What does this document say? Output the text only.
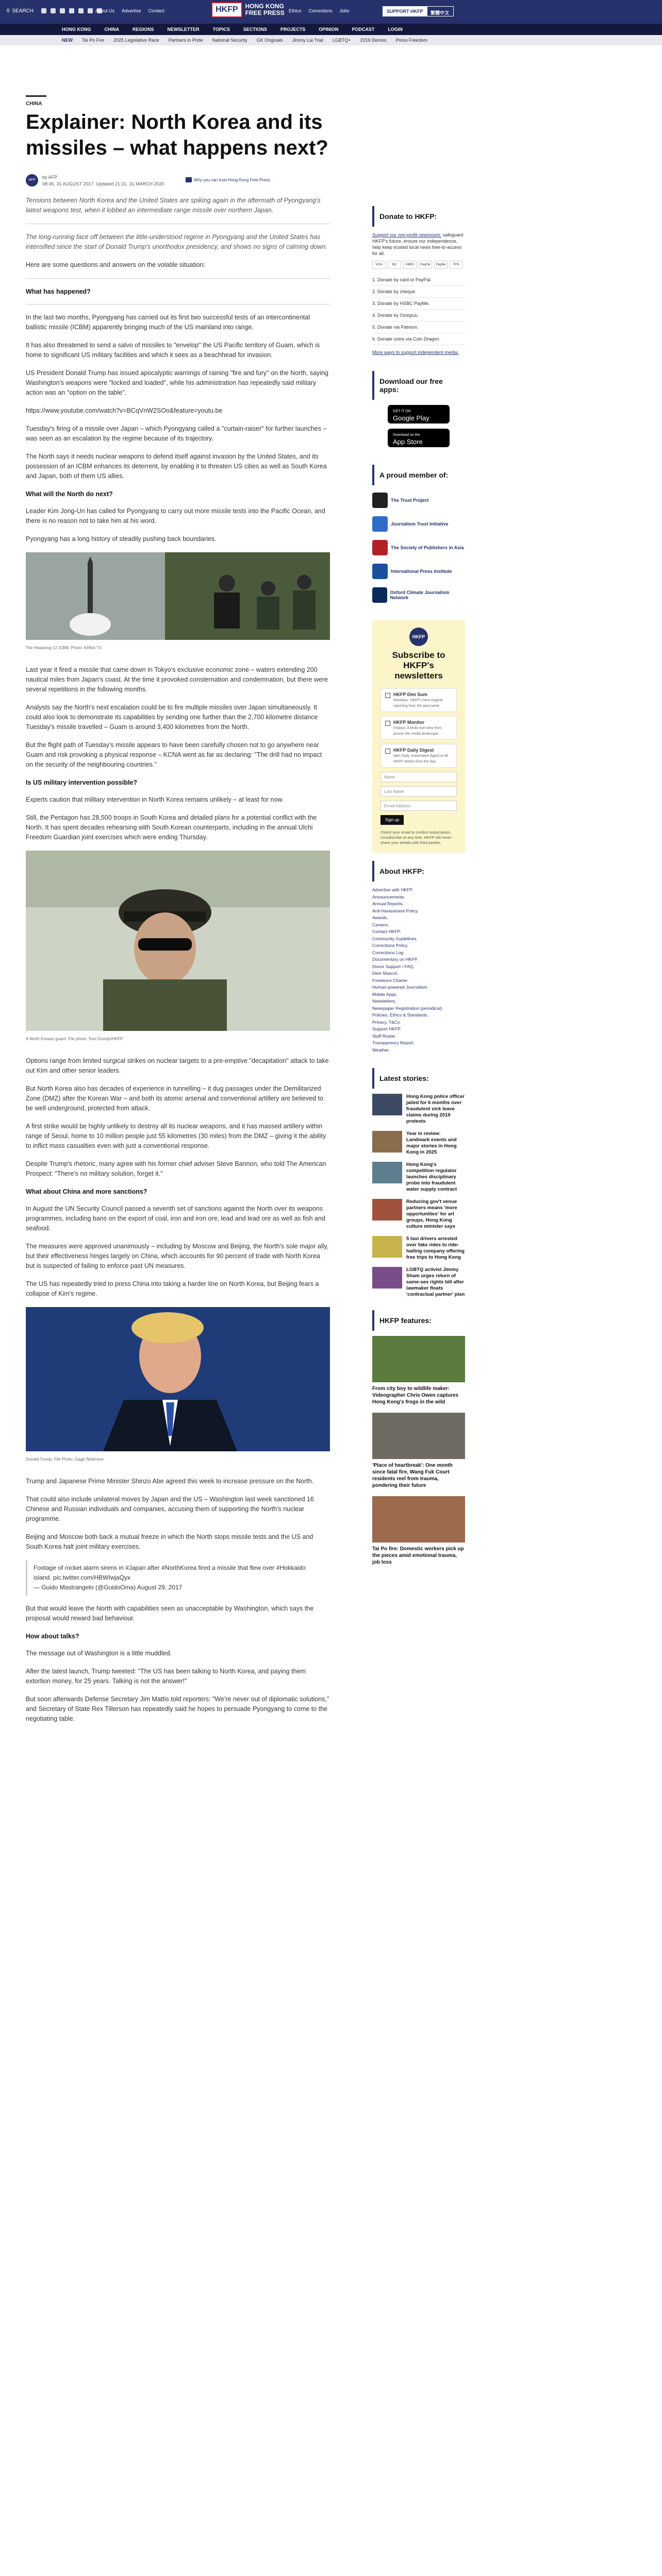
⚲ SEARCH	About Us Advertise Contact	HKFP	HONG KONG FREE PRESS Ethics Corrections Jobs	SUPPORT HKFP	繁體中文
HONG KONG	CHINA	REGIONS	NEWSLETTER	TOPICS	SECTIONS	PROJECTS	OPINION	PODCAST	LOGIN
NEW Tai Po Fire 2025 Legislative Race Partners in Pride National Security GK Originals Jimmy Lai Trial LGBTQ+ 2019 Demos Press Freedom
CHINA
Explainer: North Korea and its missiles – what happens next?
AFP
by AFP
08:45, 31 AUGUST 2017 Updated 21:31, 31 MARCH 2020
Why you can trust Hong Kong Free Press

Tensions between North Korea and the United States are spiking again in the aftermath of Pyongyang's latest weapons test, when it lobbed an intermediate range missile over northern Japan.

The long-running face off between the little-understood regime in Pyongyang and the United States has intensified since the start of Donald Trump's unorthodox presidency, and shows no signs of calming down.

Here are some questions and answers on the volatile situation:

What has happened?

In the last two months, Pyongyang has carried out its first two successful tests of an intercontinental ballistic missile (ICBM) apparently bringing much of the US mainland into range.

It has also threatened to send a salvo of missiles to "envelop" the US Pacific territory of Guam, which is home to significant US military facilities and which it sees as a beachhead for invasion.

US President Donald Trump has issued apocalyptic warnings of raining "fire and fury" on the North, saying Washington's weapons were "locked and loaded", while his administration has repeatedly said military action was an "option on the table".

https://www.youtube.com/watch?v=BCqVnW2SOo&feature=youtu.be

Tuesday's firing of a missile over Japan – which Pyongyang called a "curtain-raiser" for further launches – was seen as an escalation by the regime because of its trajectory.

The North says it needs nuclear weapons to defend itself against invasion by the United States, and its possession of an ICBM enhances its deterrent, by enabling it to threaten US cities as well as South Korea and Japan, both of them US allies.

What will the North do next?

Leader Kim Jong-Un has called for Pyongyang to carry out more missile tests into the Pacific Ocean, and there is no reason not to take him at his word.

Pyongyang has a long history of steadily pushing back boundaries.

The Hwasong-12 ICBM. Photo: KRNA TV.

Last year it fired a missile that came down in Tokyo's exclusive economic zone – waters extending 200 nautical miles from Japan's coast. At the time it provoked consternation and condemnation, but there were several repetitions in the following months.

Analysts say the North's next escalation could be to fire multiple missiles over Japan simultaneously. It could also look to demonstrate its capabilities by sending one further than the 2,700 kilometre distance Tuesday's missile travelled – Guam is around 3,400 kilometres from the North.

But the flight path of Tuesday's missile appears to have been carefully chosen not to go anywhere near Guam and risk provoking a physical response – KCNA went as far as declaring: "The drill had no impact on the security of the neighbouring countries."

Is US military intervention possible?

Experts caution that military intervention in North Korea remains unlikely – at least for now.

Still, the Pentagon has 28,500 troops in South Korea and detailed plans for a potential conflict with the North. It has spent decades rehearsing with South Korean counterparts, including in the annual Ulchi Freedom Guardian joint exercises which were ending Thursday.

A North Korean guard. File photo: Tom Grundy/HKFP.

Options range from limited surgical strikes on nuclear targets to a pre-emptive "decapitation" attack to take out Kim and other senior leaders.

But North Korea also has decades of experience in tunnelling – it dug passages under the Demilitarized Zone (DMZ) after the Korean War – and both its atomic arsenal and conventional artillery are believed to be well underground, protected from attack.

A first strike would be highly unlikely to destroy all its nuclear weapons, and it has massed artillery within range of Seoul, home to 10 million people just 55 kilometres (30 miles) from the DMZ – giving it the ability to inflict mass casualties even with just a conventional response.

Despite Trump's rhetoric, many agree with his former chief adviser Steve Bannon, who told The American Prospect: "There's no military solution, forget it."

What about China and more sanctions?

In August the UN Security Council passed a seventh set of sanctions against the North over its weapons programmes, including bans on the export of coal, iron and iron ore, lead and lead ore as well as fish and seafood.

The measures were approved unanimously – including by Moscow and Beijing, the North's sole major ally, but their effectiveness hinges largely on China, which accounts for 90 percent of trade with North Korea but is suspected of failing to enforce past UN measures.

The US has repeatedly tried to press China into taking a harder line on North Korea, but Beijing fears a collapse of Kim's regime.

Donald Trump. File Photo: Gage Skidmore.

Trump and Japanese Prime Minister Shinzo Abe agreed this week to increase pressure on the North.

That could also include unilateral moves by Japan and the US – Washington last week sanctioned 16 Chinese and Russian individuals and companies, accusing them of supporting the North's nuclear programme.

Beijing and Moscow both back a mutual freeze in which the North stops missile tests and the US and South Korea halt joint military exercises.

Footage of rocket alarm sirens in #Japan after #NorthKorea fired a missile that flew over #Hokkaido island. pic.twitter.com/HBWIwjaQyx
— Guido Mastrangelo (@GuidoOma) August 29, 2017

But that would leave the North with capabilities seen as unacceptable by Washington, which says the proposal would reward bad behaviour.

How about talks?

The message out of Washington is a little muddled.

After the latest launch, Trump tweeted: "The US has been talking to North Korea, and paying them extortion money, for 25 years. Talking is not the answer!"

But soon afterwards Defense Secretary Jim Mattis told reporters: "We're never out of diplomatic solutions," and Secretary of State Rex Tillerson has repeatedly said he hopes to persuade Pyongyang to come to the negotiating table.

Donate to HKFP:
Support our non-profit newsroom: safeguard HKFP's future, ensure our independence, help keep trusted local news free-to-access for all.
VISA	MC	AMEX	PayPal	PayMe	FPS
1. Donate by card or PayPal.
2. Donate by cheque.
3. Donate by HSBC PayMe.
4. Donate by Octopus.
5. Donate via Patreon.
6. Donate coins via Coin Dragon.
More ways to support independent media.
Download our free apps:
GET IT ON
Google Play
Download on the
App Store
A proud member of:
The Trust Project
Journalism Trust Initiative
The Society of Publishers in Asia
International Press Institute
Oxford Climate Journalism Network
HKFP
Subscribe to HKFP's newsletters
HKFP Dim Sum
Mondays: HKFP's best original reporting from the past week.
HKFP Monitor
Fridays: A birds-eye view from across the media landscape.
HKFP Daily Digest
9am Daily: Automated digest of all HKFP stories from the day.
Name
Last Name
Email Address
Sign up
Check your email to confirm subscription. Unsubscribe at any time. HKFP will never share your details with third parties.
About HKFP:
Advertise with HKFP.
Announcements.
Annual Reports.
Anti-Harassment Policy.
Awards.
Careers.
Contact HKFP.
Community Guidelines.
Corrections Policy.
Corrections Log.
Documentary on HKFP.
Donor Support / FAQ.
Deer Mascot.
Freelance Charter.
Human-powered Journalism.
Mobile Apps.
Newsletters.
Newspaper Registration (periodical).
Policies, Ethics & Standards.
Privacy, T&Cs.
Support HKFP.
Staff Roster.
Transparency Report.
Weather.
Latest stories:
Hong Kong police officer jailed for 6 months over fraudulent sick leave claims during 2019 protests
Year in review: Landmark events and major stories in Hong Kong in 2025
Hong Kong's competition regulator launches disciplinary probe into fraudulent water supply contract
Reducing gov't venue partners means 'more opportunities' for art groups, Hong Kong culture minister says
5 taxi drivers arrested over fake rides to ride-hailing company offering free trips to Hong Kong
LGBTQ activist Jimmy Sham urges return of same-sex rights bill after lawmaker floats 'contractual partner' plan
HKFP features:
From city boy to wildlife maker: Videographer Chris Owen captures Hong Kong's frogs in the wild
'Place of heartbreak': One month since fatal fire, Wang Fuk Court residents reel from trauma, pondering their future
Tai Po fire: Domestic workers pick up the pieces amid emotional trauma, job loss
